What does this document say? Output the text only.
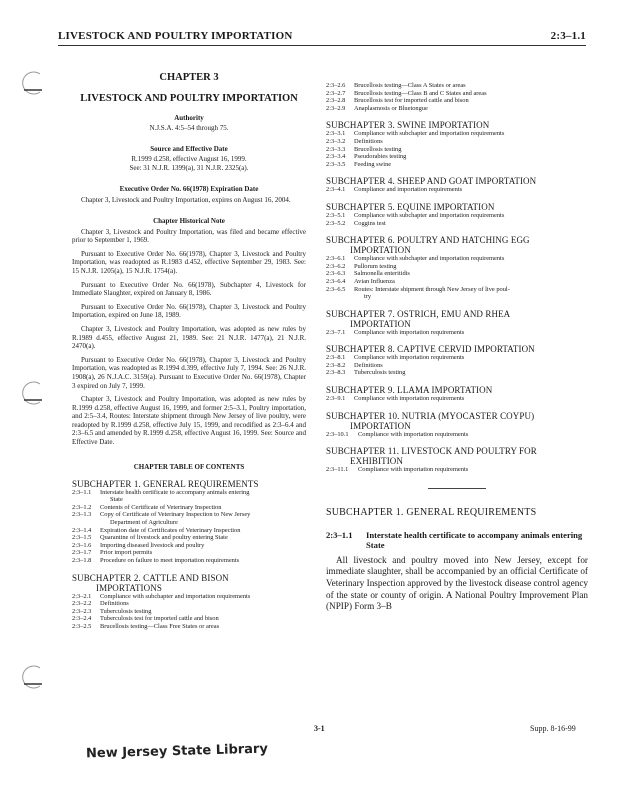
LIVESTOCK AND POULTRY IMPORTATION	2:3–1.1
CHAPTER 3
LIVESTOCK AND POULTRY IMPORTATION
Authority
N.J.S.A. 4:5–54 through 75.
Source and Effective Date
R.1999 d.258, effective August 16, 1999.
See: 31 N.J.R. 1399(a), 31 N.J.R. 2325(a).
Executive Order No. 66(1978) Expiration Date

Chapter 3, Livestock and Poultry Importation, expires on August 16, 2004.

Chapter Historical Note

Chapter 3, Livestock and Poultry Importation, was filed and became effective prior to September 1, 1969.

Pursuant to Executive Order No. 66(1978), Chapter 3, Livestock and Poultry Importation, was readopted as R.1983 d.452, effective September 29, 1983. See: 15 N.J.R. 1205(a), 15 N.J.R. 1754(a).

Pursuant to Executive Order No. 66(1978), Subchapter 4, Livestock for Immediate Slaughter, expired on January 8, 1986.

Pursuant to Executive Order No. 66(1978), Chapter 3, Livestock and Poultry Importation, expired on June 18, 1989.

Chapter 3, Livestock and Poultry Importation, was adopted as new rules by R.1989 d.455, effective August 21, 1989. See: 21 N.J.R. 1477(a), 21 N.J.R. 2470(a).

Pursuant to Executive Order No. 66(1978), Chapter 3, Livestock and Poultry Importation, was readopted as R.1994 d.399, effective July 7, 1994. See: 26 N.J.R. 1908(a), 26 N.J.A.C. 3159(a). Pursuant to Executive Order No. 66(1978), Chapter 3 expired on July 7, 1999.

Chapter 3, Livestock and Poultry Importation, was adopted as new rules by R.1999 d.258, effective August 16, 1999, and former 2:5–3.1, Poultry importation, and 2:5–3.4, Routes: Interstate shipment through New Jersey of live poultry, were readopted by R.1999 d.258, effective July 15, 1999, and recodified as 2:3–6.4 and 2:3–6.5 and amended by R.1999 d.258, effective August 16, 1999. See: Source and Effective Date.

CHAPTER TABLE OF CONTENTS
SUBCHAPTER 1. GENERAL REQUIREMENTS
2:3–1.1	Interstate health certificate to accompany animals entering
State
2:3–1.2	Contents of Certificate of Veterinary Inspection
2:3–1.3	Copy of Certificate of Veterinary Inspection to New Jersey
Department of Agriculture
2:3–1.4	Expiration date of Certificates of Veterinary Inspection
2:3–1.5	Quarantine of livestock and poultry entering State
2:3–1.6	Importing diseased livestock and poultry
2:3–1.7	Prior import permits
2:3–1.8	Procedure on failure to meet importation requirements
SUBCHAPTER 2. CATTLE AND BISON
IMPORTATIONS
2:3–2.1	Compliance with subchapter and importation requirements
2:3–2.2	Definitions
2:3–2.3	Tuberculosis testing
2:3–2.4	Tuberculosis test for imported cattle and bison
2:3–2.5	Brucellosis testing—Class Free States or areas
2:3–2.6	Brucellosis testing—Class A States or areas
2:3–2.7	Brucellosis testing—Class B and C States and areas
2:3–2.8	Brucellosis test for imported cattle and bison
2:3–2.9	Anaplasmosis or Bluetongue
SUBCHAPTER 3. SWINE IMPORTATION
2:3–3.1	Compliance with subchapter and importation requirements
2:3–3.2	Definitions
2:3–3.3	Brucellosis testing
2:3–3.4	Pseudorabies testing
2:3–3.5	Feeding swine
SUBCHAPTER 4. SHEEP AND GOAT IMPORTATION
2:3–4.1	Compliance and importation requirements
SUBCHAPTER 5. EQUINE IMPORTATION
2:3–5.1	Compliance with subchapter and importation requirements
2:3–5.2	Coggins test
SUBCHAPTER 6. POULTRY AND HATCHING EGG
IMPORTATION
2:3–6.1	Compliance with subchapter and importation requirements
2:3–6.2	Pullorum testing
2:3–6.3	Salmonella enteritidis
2:3–6.4	Avian Influenza
2:3–6.5	Routes: Interstate shipment through New Jersey of live poul-
try
SUBCHAPTER 7. OSTRICH, EMU AND RHEA
IMPORTATION
2:3–7.1	Compliance with importation requirements
SUBCHAPTER 8. CAPTIVE CERVID IMPORTATION
2:3–8.1	Compliance with importation requirements
2:3–8.2	Definitions
2:3–8.3	Tuberculosis testing
SUBCHAPTER 9. LLAMA IMPORTATION
2:3–9.1	Compliance with importation requirements
SUBCHAPTER 10. NUTRIA (MYOCASTER COYPU)
IMPORTATION
2:3–10.1	Compliance with importation requirements
SUBCHAPTER 11. LIVESTOCK AND POULTRY FOR
EXHIBITION
2:3–11.1	Compliance with importation requirements
SUBCHAPTER 1. GENERAL REQUIREMENTS
2:3–1.1	Interstate health certificate to accompany animals entering State
All livestock and poultry moved into New Jersey, except for immediate slaughter, shall be accompanied by an official Certificate of Veterinary Inspection approved by the livestock disease control agency of the state or county of origin. A National Poultry Improvement Plan (NPIP) Form 3–B
3-1	Supp. 8-16-99
New Jersey State Library
